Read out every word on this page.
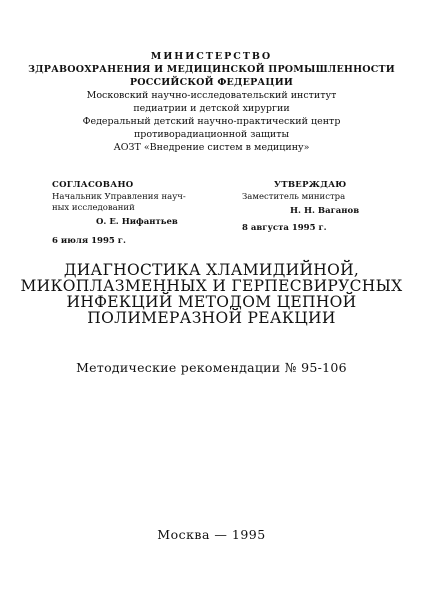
МИНИСТЕРСТВО

ЗДРАВООХРАНЕНИЯ И МЕДИЦИНСКОЙ ПРОМЫШЛЕННОСТИ

РОССИЙСКОЙ ФЕДЕРАЦИИ

Московский научно-исследовательский институт

педиатрии и детской хирургии

Федеральный детский научно-практический центр

противорадиационной защиты

АОЗТ «Внедрение систем в медицину»

СОГЛАСОВАНО
Начальник Управления науч-
ных исследований
О. Е. Нифантьев
6 июля 1995 г.
УТВЕРЖДАЮ
Заместитель министра
Н. Н. Ваганов
8 августа 1995 г.

ДИАГНОСТИКА ХЛАМИДИЙНОЙ,

МИКОПЛАЗМЕННЫХ И ГЕРПЕСВИРУСНЫХ

ИНФЕКЦИЙ МЕТОДОМ ЦЕПНОЙ

ПОЛИМЕРАЗНОЙ РЕАКЦИИ

Методические рекомендации № 95-106
Москва — 1995
